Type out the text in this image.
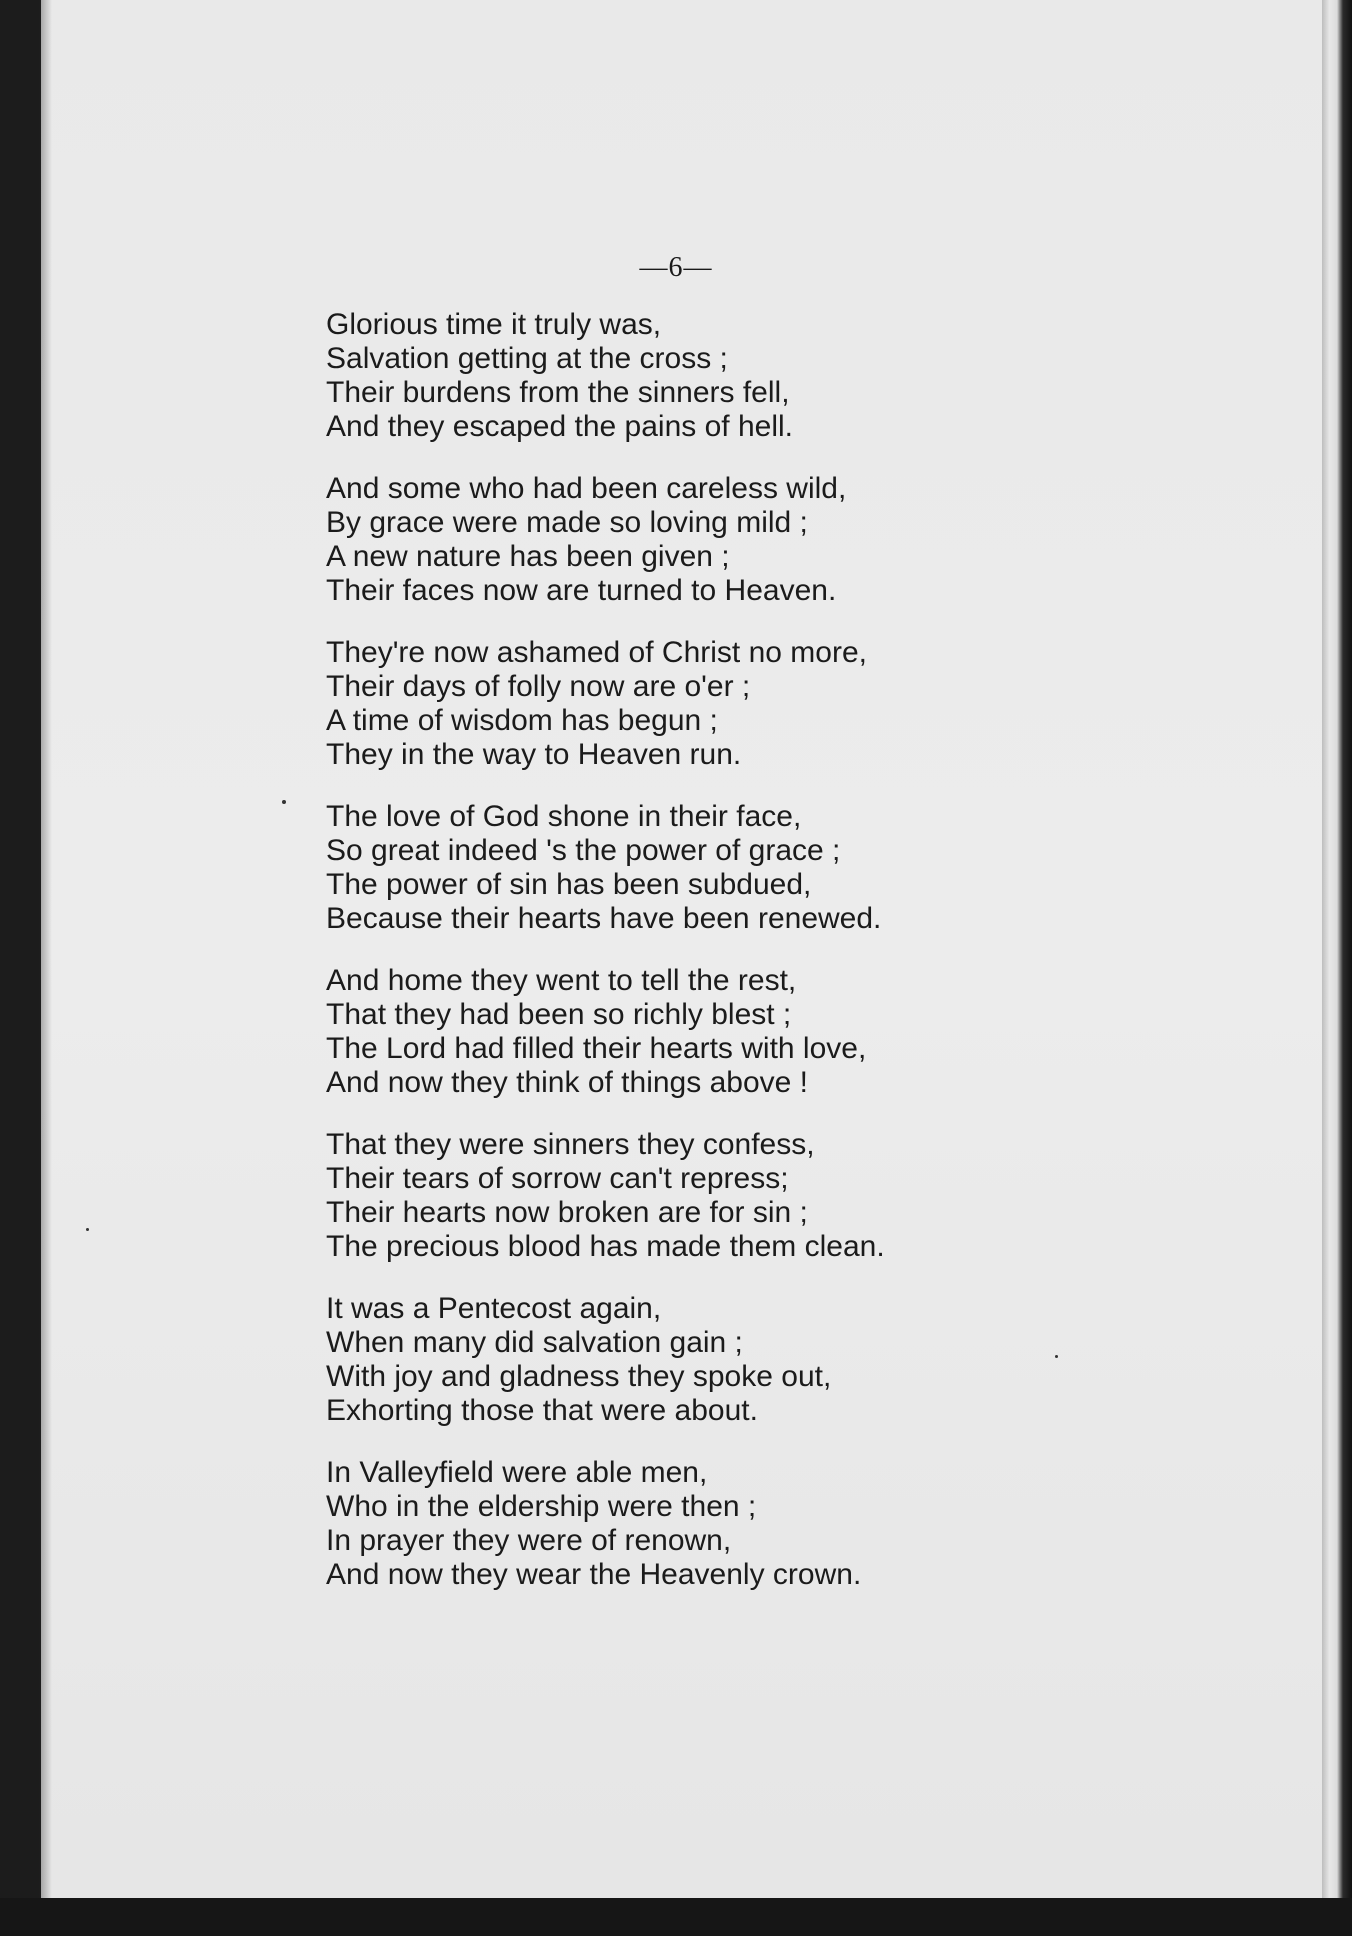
—6—
Glorious time it truly was,
Salvation getting at the cross ;
Their burdens from the sinners fell,
And they escaped the pains of hell.
And some who had been careless wild,
By grace were made so loving mild ;
A new nature has been given ;
Their faces now are turned to Heaven.
They're now ashamed of Christ no more,
Their days of folly now are o'er ;
A time of wisdom has begun ;
They in the way to Heaven run.
The love of God shone in their face,
So great indeed 's the power of grace ;
The power of sin has been subdued,
Because their hearts have been renewed.
And home they went to tell the rest,
That they had been so richly blest ;
The Lord had filled their hearts with love,
And now they think of things above !
That they were sinners they confess,
Their tears of sorrow can't repress;
Their hearts now broken are for sin ;
The precious blood has made them clean.
It was a Pentecost again,
When many did salvation gain ;
With joy and gladness they spoke out,
Exhorting those that were about.
In Valleyfield were able men,
Who in the eldership were then ;
In prayer they were of renown,
And now they wear the Heavenly crown.
